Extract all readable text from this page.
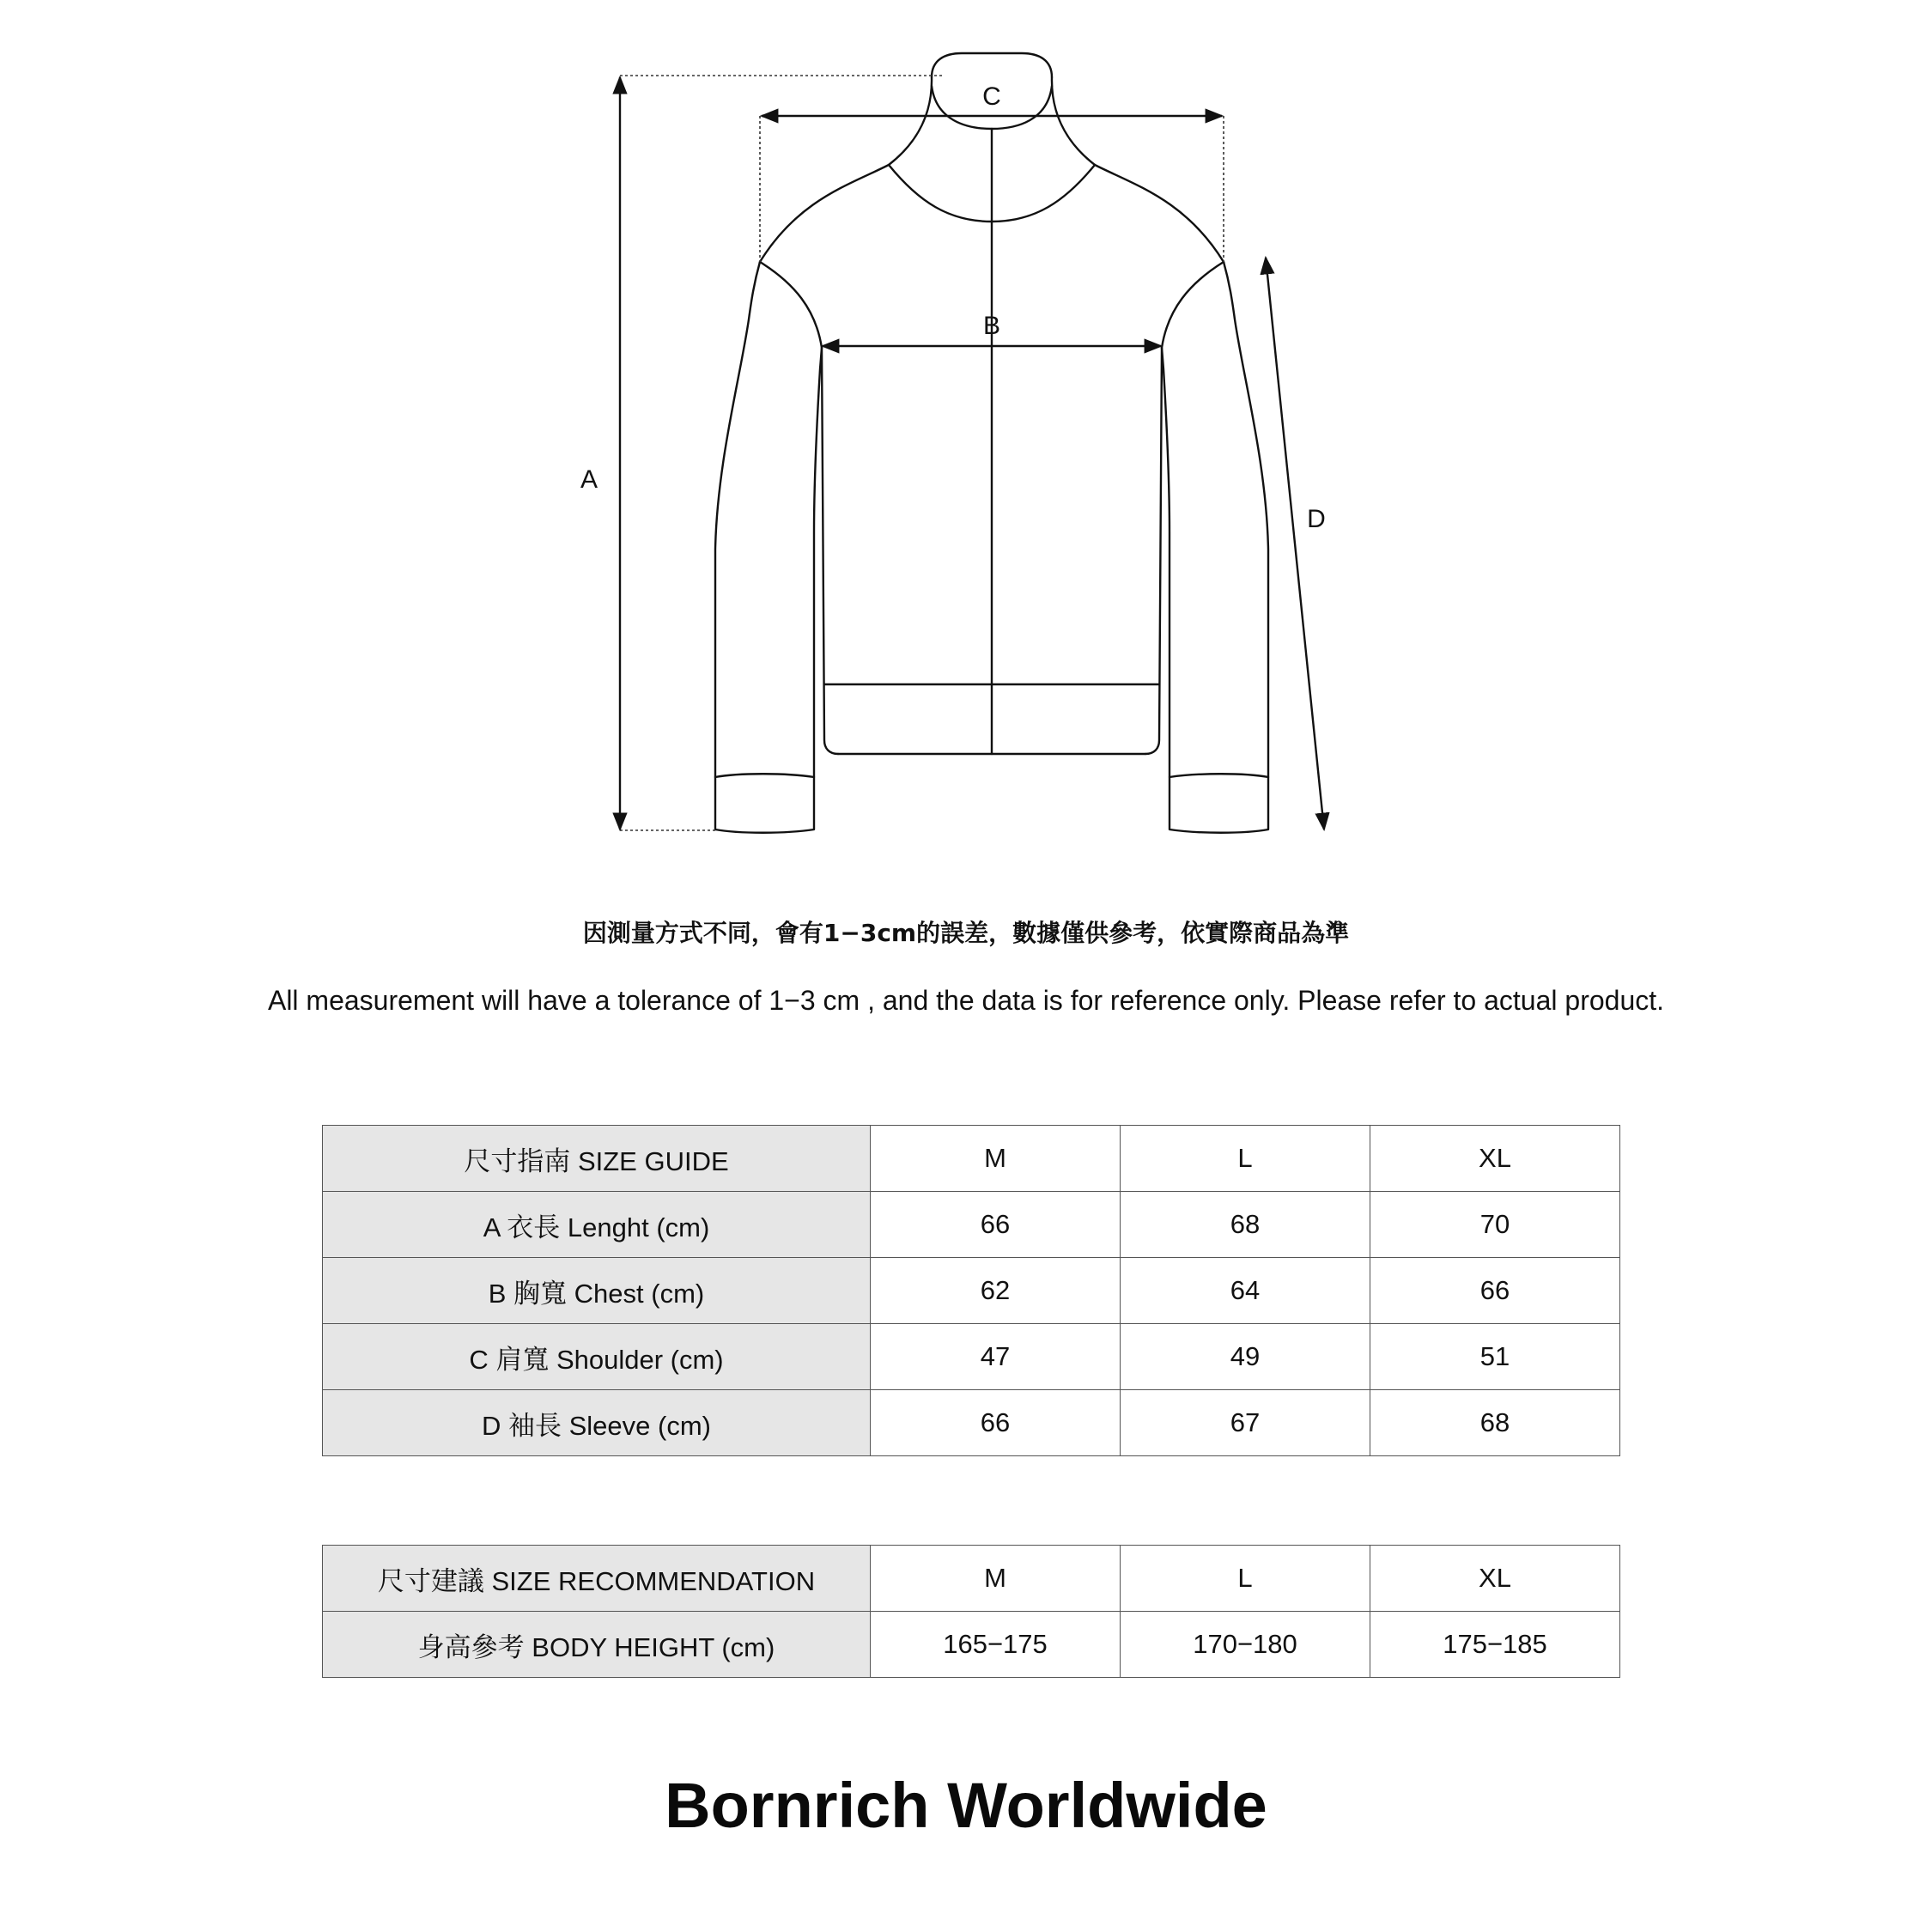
A
B
C
D
因測量方式不同，會有1−3cm的誤差，數據僅供參考，依實際商品為準
All measurement will have a tolerance of 1−3 cm , and the data is for reference only. Please refer to actual product.
尺寸指南 SIZE GUIDE	M	L	XL
A 衣長 Lenght (cm)	66	68	70
B 胸寬 Chest (cm)	62	64	66
C 肩寬 Shoulder (cm)	47	49	51
D 袖長 Sleeve (cm)	66	67	68
尺寸建議 SIZE RECOMMENDATION	M	L	XL
身高參考 BODY HEIGHT (cm)	165−175	170−180	175−185
Bornrich Worldwide
